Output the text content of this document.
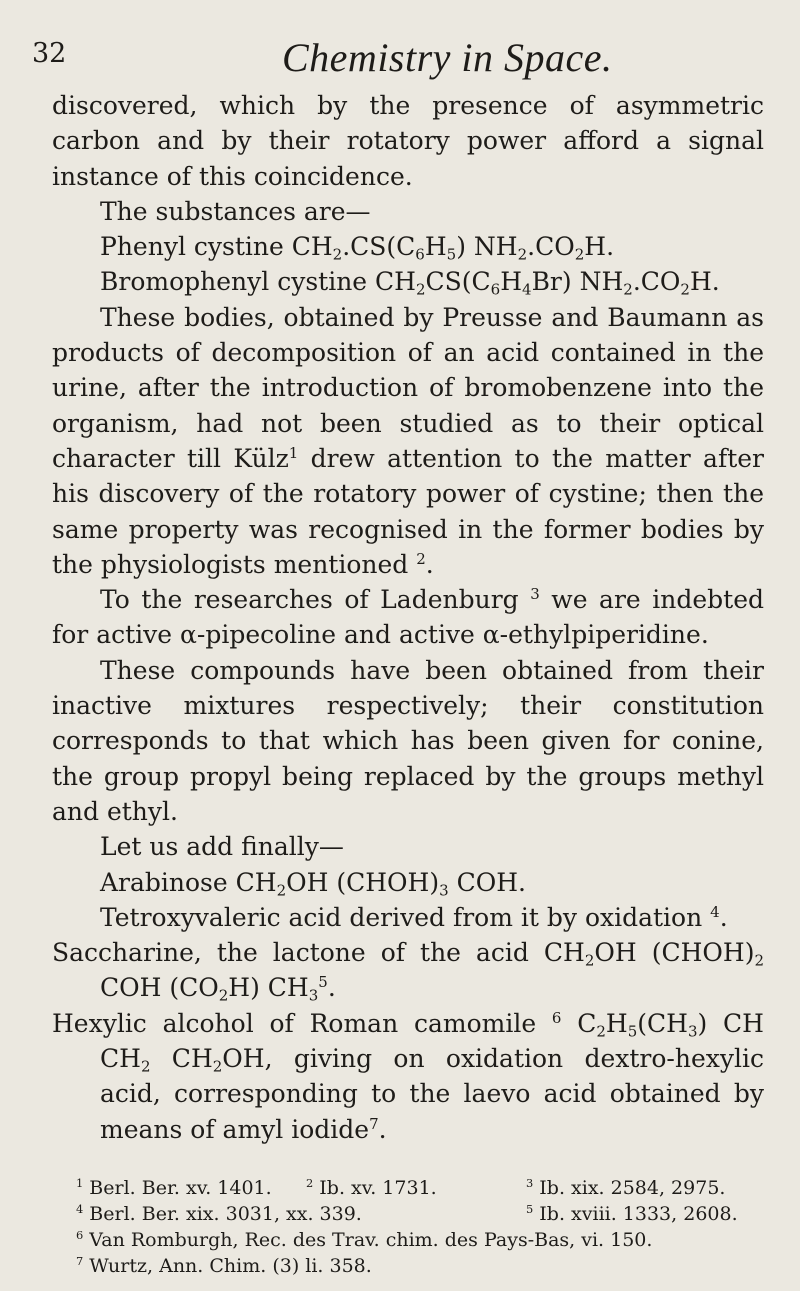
32	Chemistry in Space.

discovered, which by the presence of asymmetric carbon and by their rotatory power afford a signal instance of this coincidence.

The substances are—

Phenyl cystine $CH_2.CS(C_6H_5)$ $NH_2.CO_2H$.

Bromophenyl cystine $CH_2CS(C_6H_4Br)$ $NH_2.CO_2H$.

These bodies, obtained by Preusse and Baumann as products of decomposition of an acid contained in the urine, after the introduction of bromobenzene into the organism, had not been studied as to their optical character till Külz$^1$ drew attention to the matter after his discovery of the rotatory power of cystine; then the same property was recognised in the former bodies by the physiologists mentioned $^2$.

To the researches of Ladenburg $^3$ we are indebted for active α-pipecoline and active α-ethylpiperidine.

These compounds have been obtained from their inactive mixtures respectively; their constitution corresponds to that which has been given for conine, the group propyl being replaced by the groups methyl and ethyl.

Let us add finally—

Arabinose $CH_2OH$ $(CHOH)_3$ COH.

Tetroxyvaleric acid derived from it by oxidation $^4$.

Saccharine, the lactone of the acid $CH_2OH$ $(CHOH)_2$ COH $(CO_2H)$ $CH_3^5$.

Hexylic alcohol of Roman camomile $^6$ $C_2H_5(CH_3)$ CH $CH_2$ $CH_2OH$, giving on oxidation dextro-hexylic acid, corresponding to the laevo acid obtained by means of amyl iodide$^7$.

$^1$ Berl. Ber. xv. 1401.	$^2$ Ib. xv. 1731.	$^3$ Ib. xix. 2584, 2975.
$^4$ Berl. Ber. xix. 3031, xx. 339.	$^5$ Ib. xviii. 1333, 2608.
$^6$ Van Romburgh, Rec. des Trav. chim. des Pays-Bas, vi. 150.
$^7$ Wurtz, Ann. Chim. (3) li. 358.
